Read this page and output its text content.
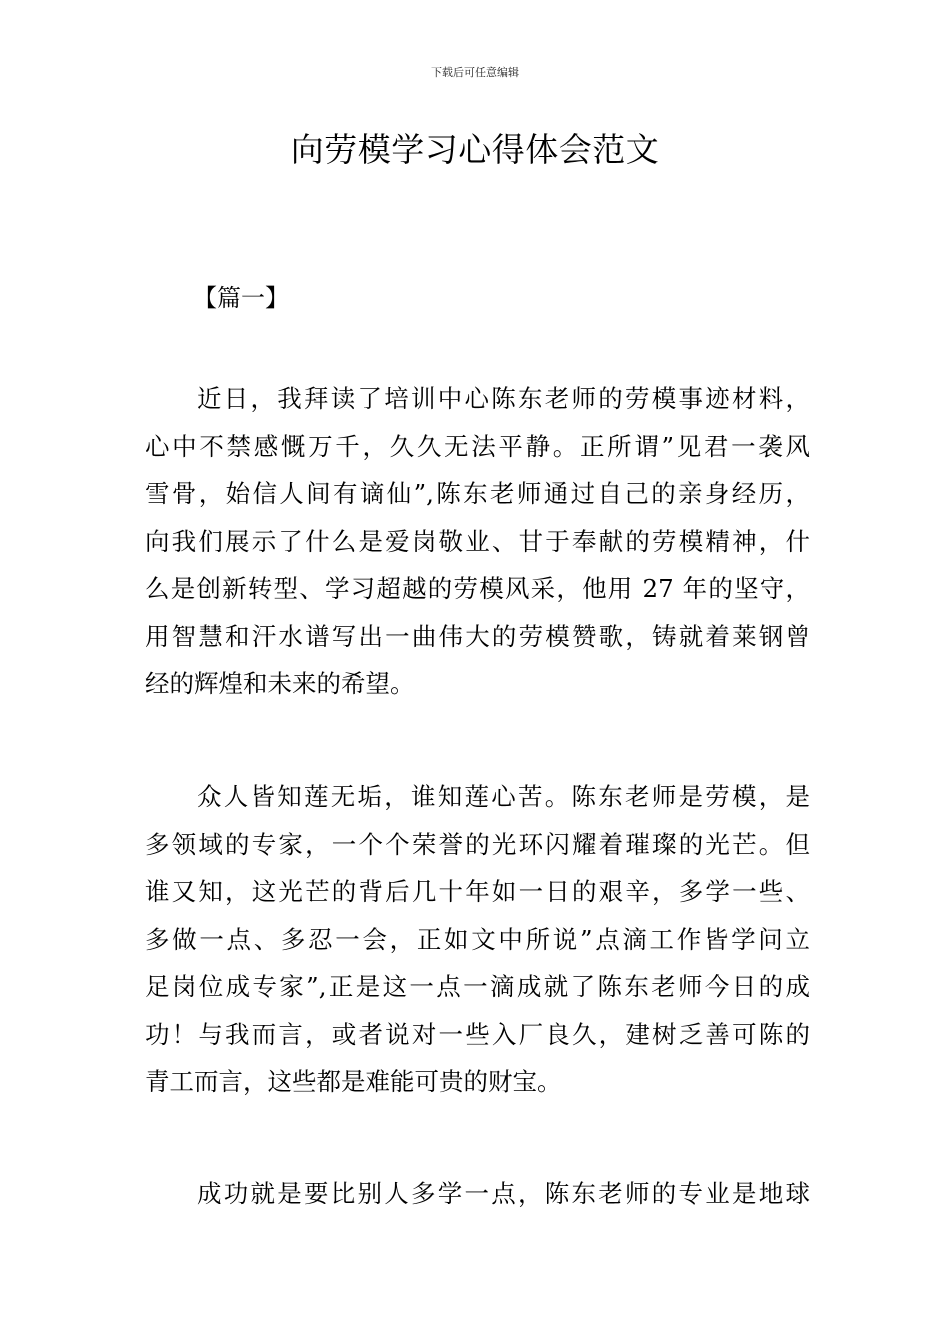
下载后可任意编辑
向劳模学习心得体会范文
【篇一】
近日，我拜读了培训中心陈东老师的劳模事迹材料，
心中不禁感慨万千，久久无法平静。正所谓”见君一袭风
雪骨，始信人间有谪仙”,陈东老师通过自己的亲身经历，
向我们展示了什么是爱岗敬业、甘于奉献的劳模精神，什
么是创新转型、学习超越的劳模风采，他用 27 年的坚守，
用智慧和汗水谱写出一曲伟大的劳模赞歌，铸就着莱钢曾
经的辉煌和未来的希望。
众人皆知莲无垢，谁知莲心苦。陈东老师是劳模，是
多领域的专家，一个个荣誉的光环闪耀着璀璨的光芒。但
谁又知，这光芒的背后几十年如一日的艰辛，多学一些、
多做一点、多忍一会，正如文中所说”点滴工作皆学问立
足岗位成专家”,正是这一点一滴成就了陈东老师今日的成
功！与我而言，或者说对一些入厂良久，建树乏善可陈的
青工而言，这些都是难能可贵的财宝。
成功就是要比别人多学一点，陈东老师的专业是地球
